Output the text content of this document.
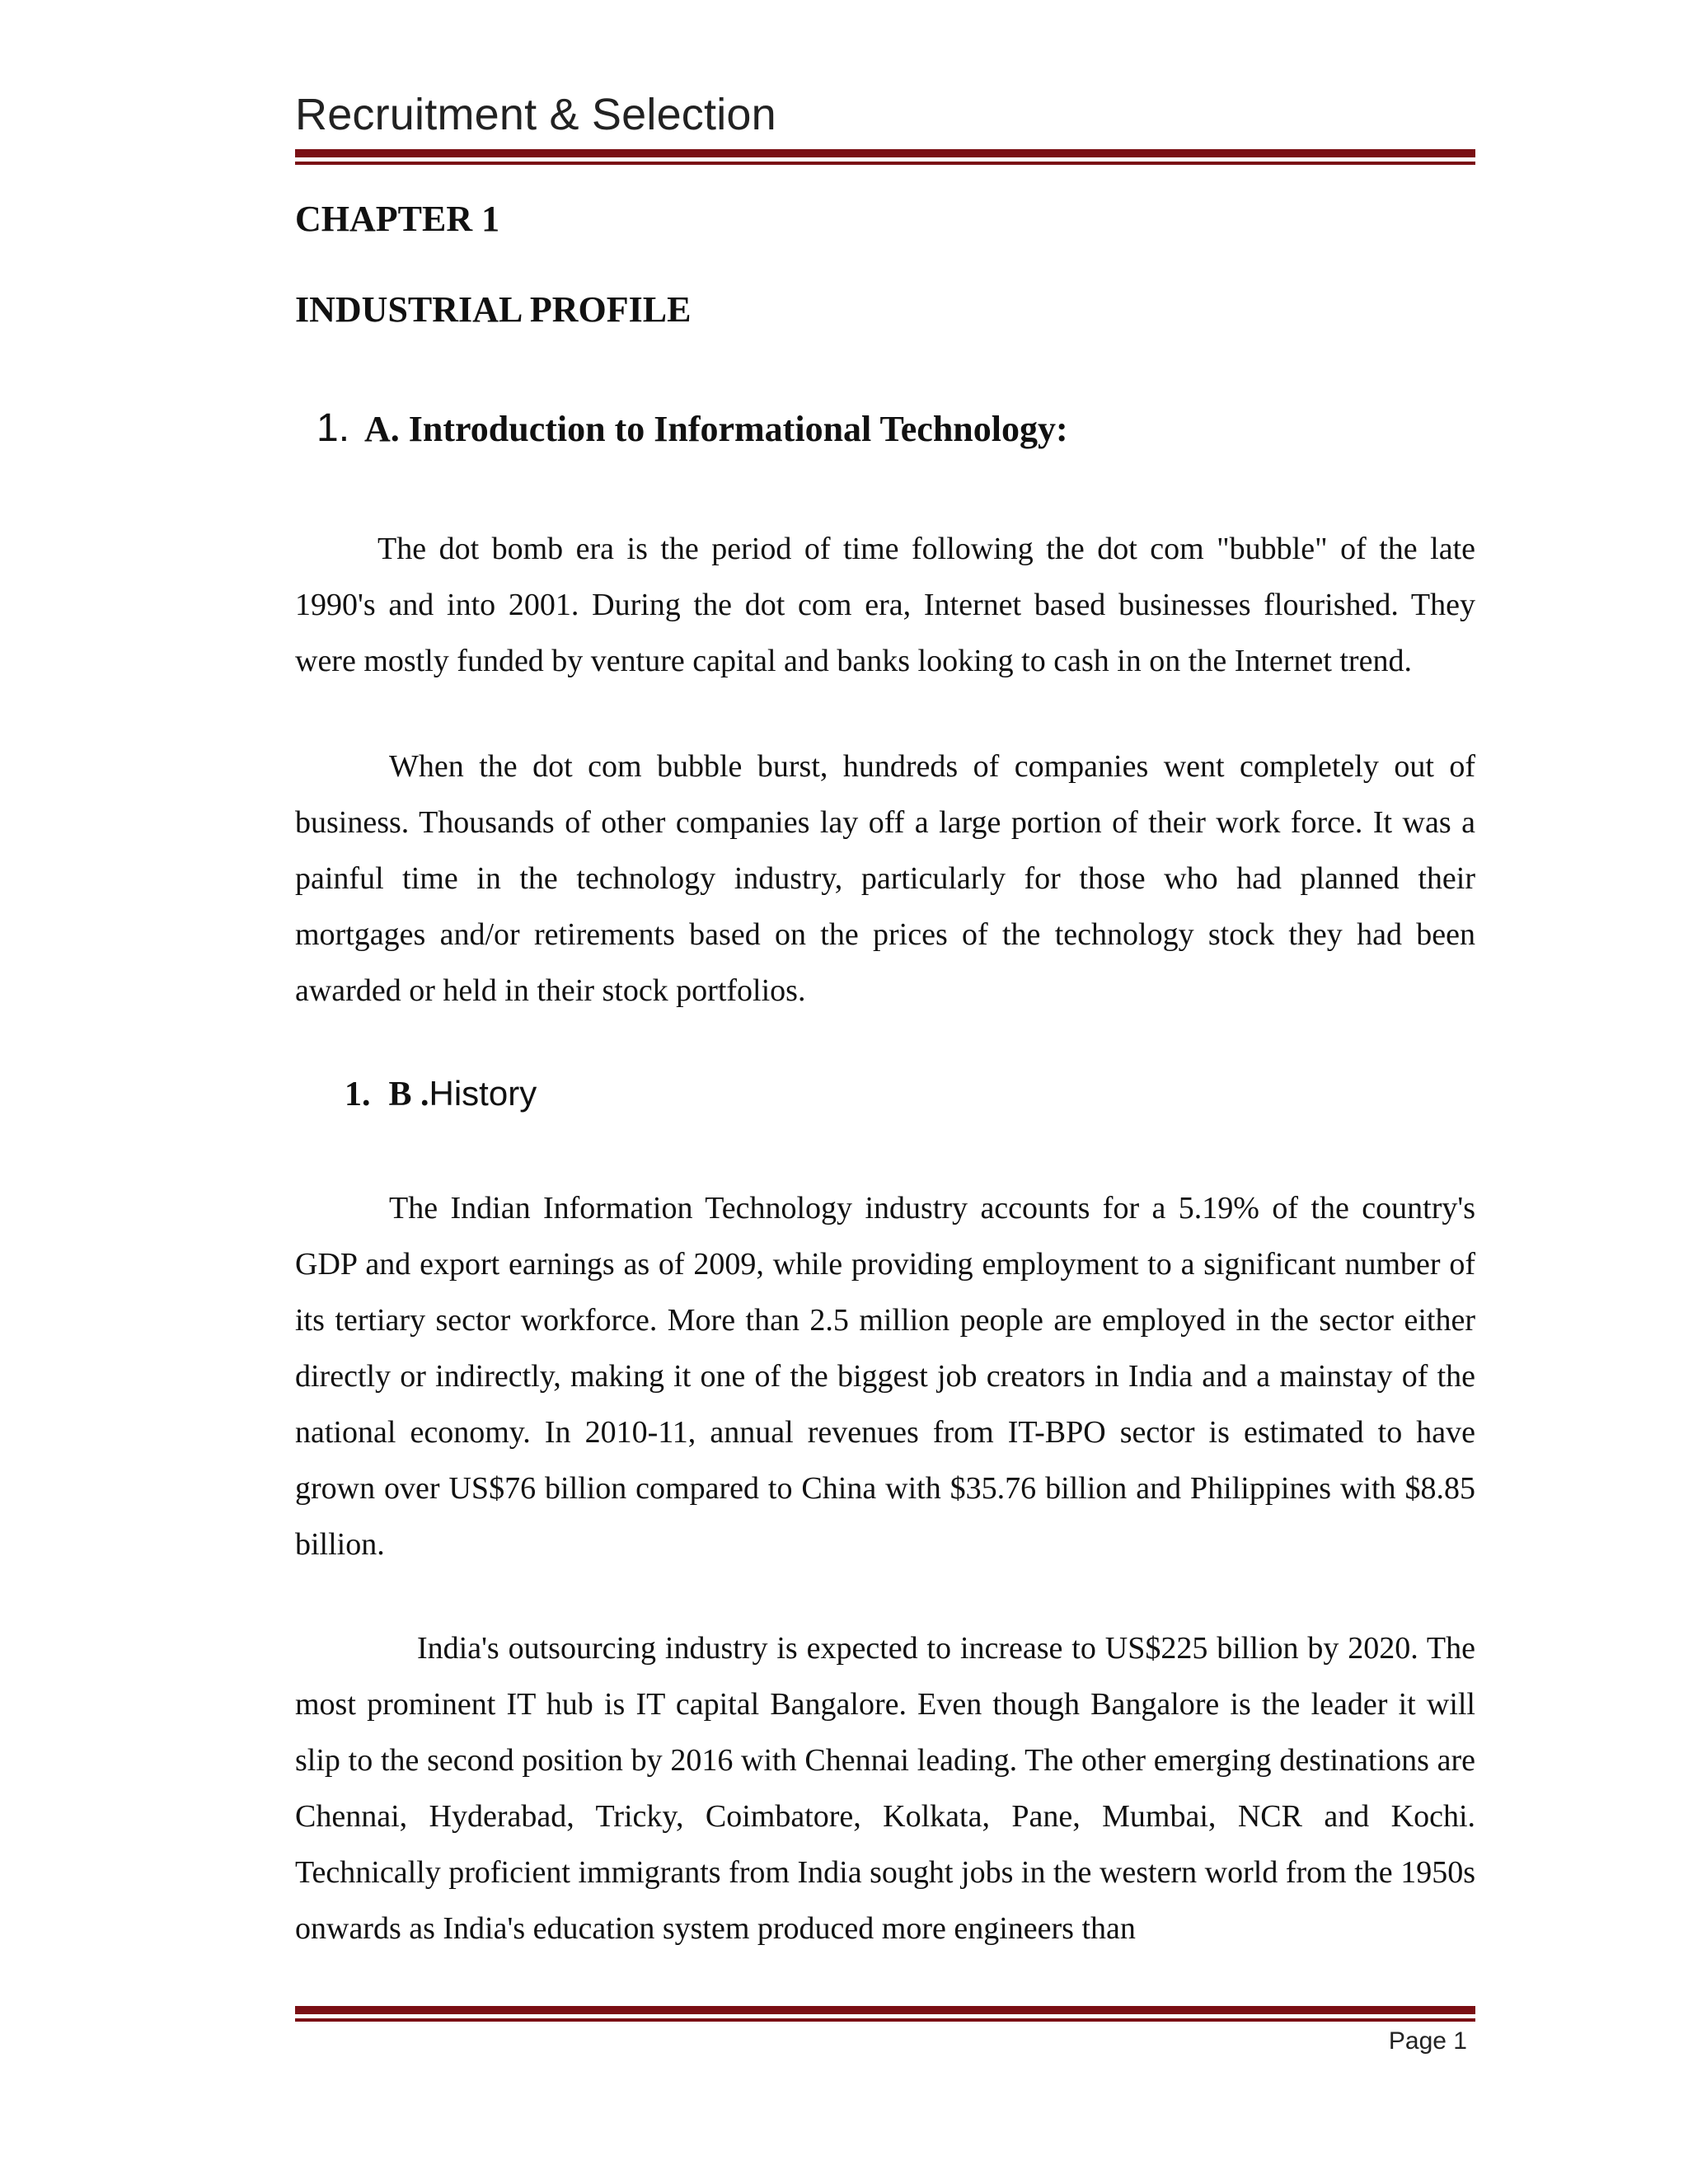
Recruitment & Selection
CHAPTER 1
INDUSTRIAL PROFILE
1. A. Introduction to Informational Technology:

The dot bomb era is the period of time following the dot com "bubble" of the late 1990's and into 2001. During the dot com era, Internet based businesses flourished. They were mostly funded by venture capital and banks looking to cash in on the Internet trend.

When the dot com bubble burst, hundreds of companies went completely out of business. Thousands of other companies lay off a large portion of their work force. It was a painful time in the technology industry, particularly for those who had planned their mortgages and/or retirements based on the prices of the technology stock they had been awarded or held in their stock portfolios.

1. B .History

The Indian Information Technology industry accounts for a 5.19% of the country's GDP and export earnings as of 2009, while providing employment to a significant number of its tertiary sector workforce. More than 2.5 million people are employed in the sector either directly or indirectly, making it one of the biggest job creators in India and a mainstay of the national economy. In 2010-11, annual revenues from IT-BPO sector is estimated to have grown over US$76 billion compared to China with $35.76 billion and Philippines with $8.85 billion.

India's outsourcing industry is expected to increase to US$225 billion by 2020. The most prominent IT hub is IT capital Bangalore. Even though Bangalore is the leader it will slip to the second position by 2016 with Chennai leading. The other emerging destinations are Chennai, Hyderabad, Tricky, Coimbatore, Kolkata, Pane, Mumbai, NCR and Kochi. Technically proficient immigrants from India sought jobs in the western world from the 1950s onwards as India's education system produced more engineers than

Page 1
